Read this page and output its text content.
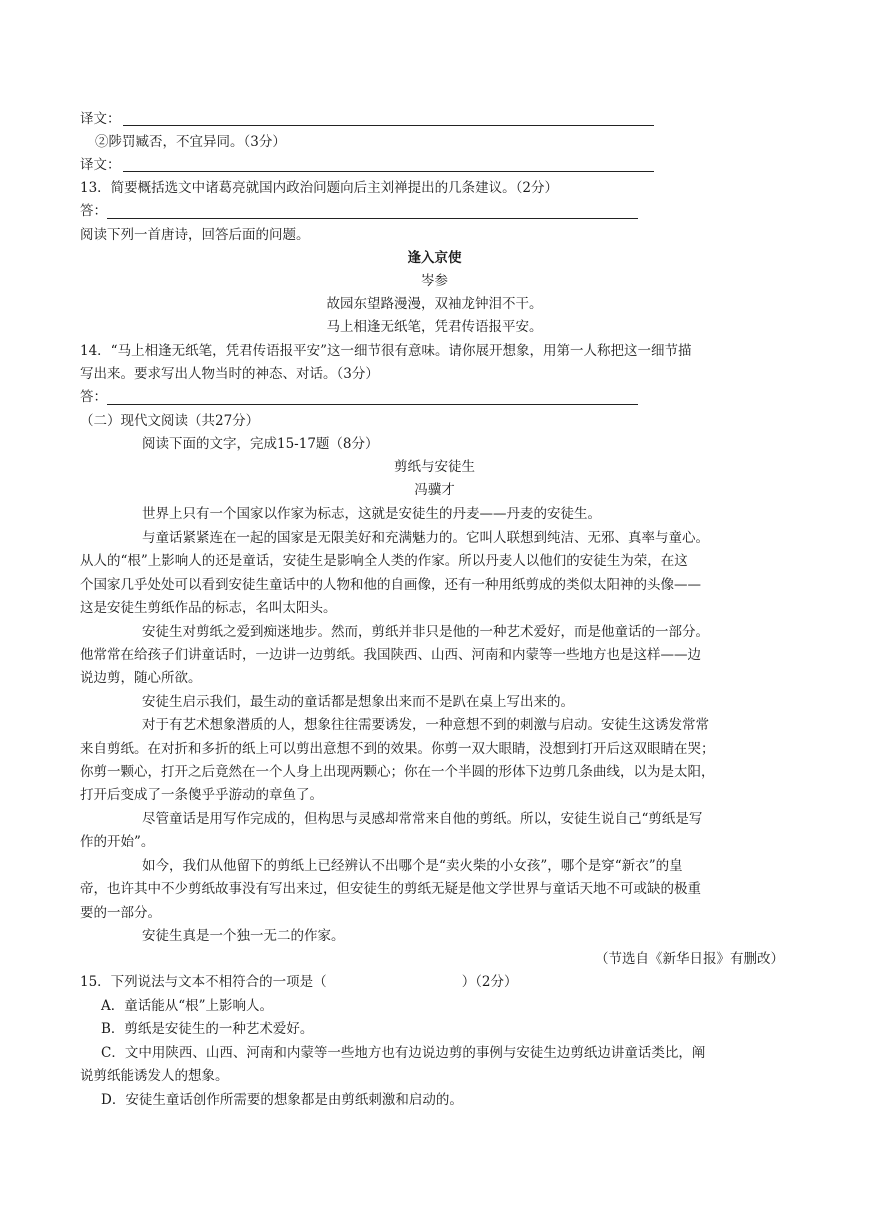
译文：
②陟罚臧否，不宜异同。（3分）
译文：
13．简要概括选文中诸葛亮就国内政治问题向后主刘禅提出的几条建议。（2分）
答：
阅读下列一首唐诗，回答后面的问题。
逢入京使
岑参
故园东望路漫漫，双袖龙钟泪不干。
马上相逢无纸笔，凭君传语报平安。
14．“马上相逢无纸笔，凭君传语报平安”这一细节很有意味。请你展开想象，用第一人称把这一细节描
写出来。要求写出人物当时的神态、对话。（3分）
答：
（二）现代文阅读（共27分）
阅读下面的文字，完成15-17题（8分）
剪纸与安徒生
冯骥才
世界上只有一个国家以作家为标志，这就是安徒生的丹麦——丹麦的安徒生。
与童话紧紧连在一起的国家是无限美好和充满魅力的。它叫人联想到纯洁、无邪、真率与童心。
从人的“根”上影响人的还是童话，安徒生是影响全人类的作家。所以丹麦人以他们的安徒生为荣，在这
个国家几乎处处可以看到安徒生童话中的人物和他的自画像，还有一种用纸剪成的类似太阳神的头像——
这是安徒生剪纸作品的标志，名叫太阳头。
安徒生对剪纸之爱到痴迷地步。然而，剪纸并非只是他的一种艺术爱好，而是他童话的一部分。
他常常在给孩子们讲童话时，一边讲一边剪纸。我国陕西、山西、河南和内蒙等一些地方也是这样——边
说边剪，随心所欲。
安徒生启示我们，最生动的童话都是想象出来而不是趴在桌上写出来的。
对于有艺术想象潜质的人，想象往往需要诱发，一种意想不到的刺激与启动。安徒生这诱发常常
来自剪纸。在对折和多折的纸上可以剪出意想不到的效果。你剪一双大眼睛，没想到打开后这双眼睛在哭；
你剪一颗心，打开之后竟然在一个人身上出现两颗心；你在一个半圆的形体下边剪几条曲线，以为是太阳，
打开后变成了一条傻乎乎游动的章鱼了。
尽管童话是用写作完成的，但构思与灵感却常常来自他的剪纸。所以，安徒生说自己“剪纸是写
作的开始”。
如今，我们从他留下的剪纸上已经辨认不出哪个是“卖火柴的小女孩”，哪个是穿“新衣”的皇
帝，也许其中不少剪纸故事没有写出来过，但安徒生的剪纸无疑是他文学世界与童话天地不可或缺的极重
要的一部分。
安徒生真是一个独一无二的作家。
（节选自《新华日报》有删改）
15．下列说法与文本不相符合的一项是（	）（2分）
A．童话能从“根”上影响人。
B．剪纸是安徒生的一种艺术爱好。
C．文中用陕西、山西、河南和内蒙等一些地方也有边说边剪的事例与安徒生边剪纸边讲童话类比，阐
说剪纸能诱发人的想象。
D．安徒生童话创作所需要的想象都是由剪纸刺激和启动的。
